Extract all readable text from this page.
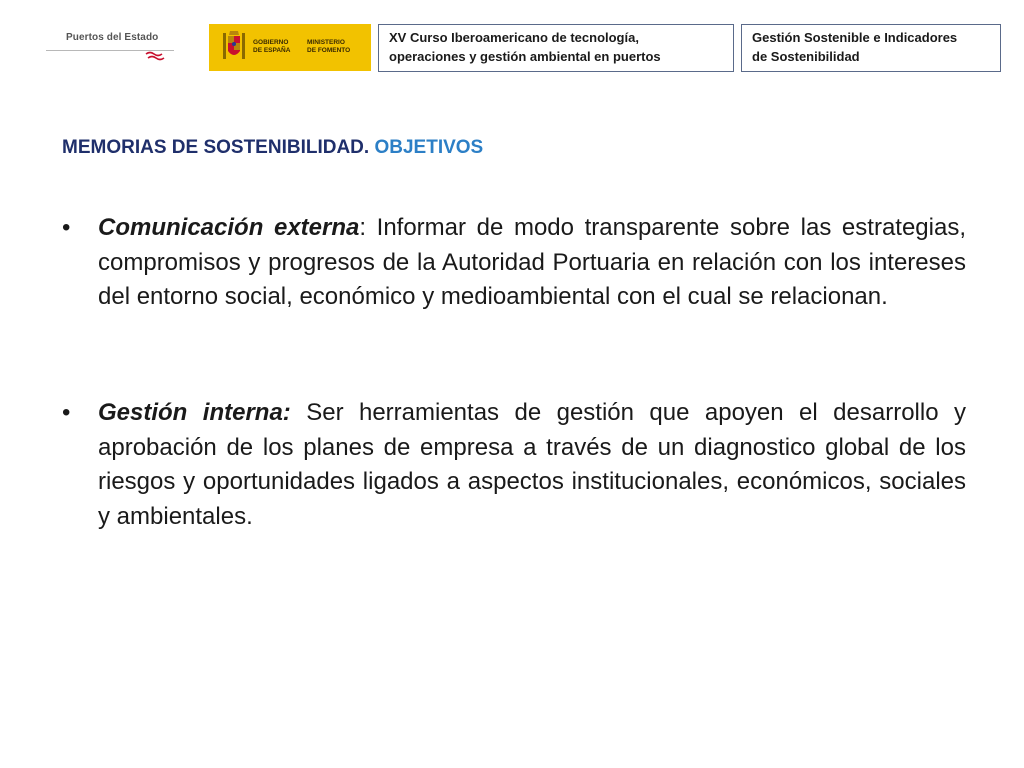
Puertos del Estado	GOBIERNO
DE ESPAÑA
MINISTERIO
DE FOMENTO
XV Curso Iberoamericano de tecnología,
operaciones y gestión ambiental en puertos
Gestión Sostenible e Indicadores
de Sostenibilidad
MEMORIAS DE SOSTENIBILIDAD. OBJETIVOS
• Comunicación externa: Informar de modo transparente sobre las estrategias, compromisos y progresos de la Autoridad Portuaria en relación con los intereses del entorno social, económico y medioambiental con el cual se relacionan.
• Gestión interna: Ser herramientas de gestión que apoyen el desarrollo y aprobación de los planes de empresa a través de un diagnostico global de los riesgos y oportunidades ligados a aspectos institucionales, económicos, sociales y ambientales.
